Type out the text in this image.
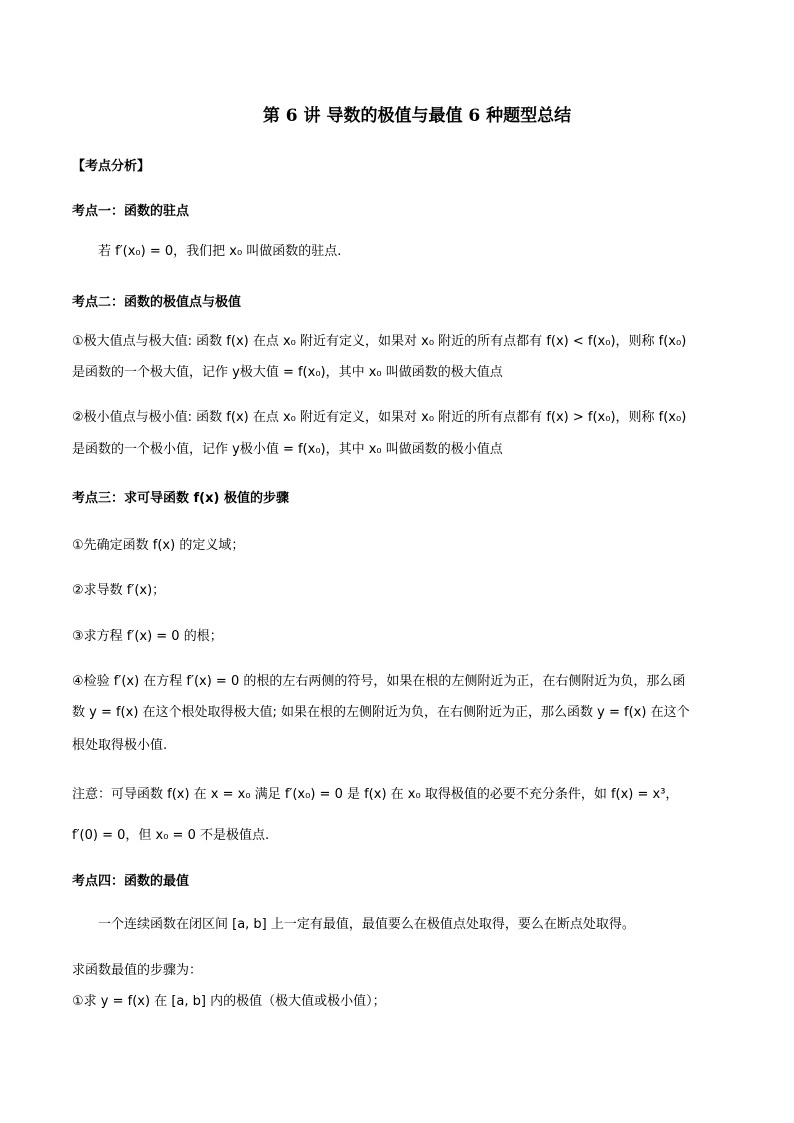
第 6 讲 导数的极值与最值 6 种题型总结
【考点分析】
考点一：函数的驻点
若 f′(x₀) = 0，我们把 x₀ 叫做函数的驻点.
考点二：函数的极值点与极值
①极大值点与极大值: 函数 f(x) 在点 x₀ 附近有定义，如果对 x₀ 附近的所有点都有 f(x) < f(x₀)，则称 f(x₀)
是函数的一个极大值，记作 y极大值 = f(x₀)，其中 x₀ 叫做函数的极大值点
②极小值点与极小值: 函数 f(x) 在点 x₀ 附近有定义，如果对 x₀ 附近的所有点都有 f(x) > f(x₀)，则称 f(x₀)
是函数的一个极小值，记作 y极小值 = f(x₀)，其中 x₀ 叫做函数的极小值点
考点三：求可导函数 f(x) 极值的步骤
①先确定函数 f(x) 的定义域；
②求导数 f′(x)；
③求方程 f′(x) = 0 的根；
④检验 f′(x) 在方程 f′(x) = 0 的根的左右两侧的符号，如果在根的左侧附近为正，在右侧附近为负，那么函
数 y = f(x) 在这个根处取得极大值; 如果在根的左侧附近为负，在右侧附近为正，那么函数 y = f(x) 在这个
根处取得极小值.
注意：可导函数 f(x) 在 x = x₀ 满足 f′(x₀) = 0 是 f(x) 在 x₀ 取得极值的必要不充分条件，如 f(x) = x³，
f′(0) = 0，但 x₀ = 0 不是极值点.
考点四：函数的最值
一个连续函数在闭区间 [a, b] 上一定有最值，最值要么在极值点处取得，要么在断点处取得。
求函数最值的步骤为：
①求 y = f(x) 在 [a, b] 内的极值（极大值或极小值）；
